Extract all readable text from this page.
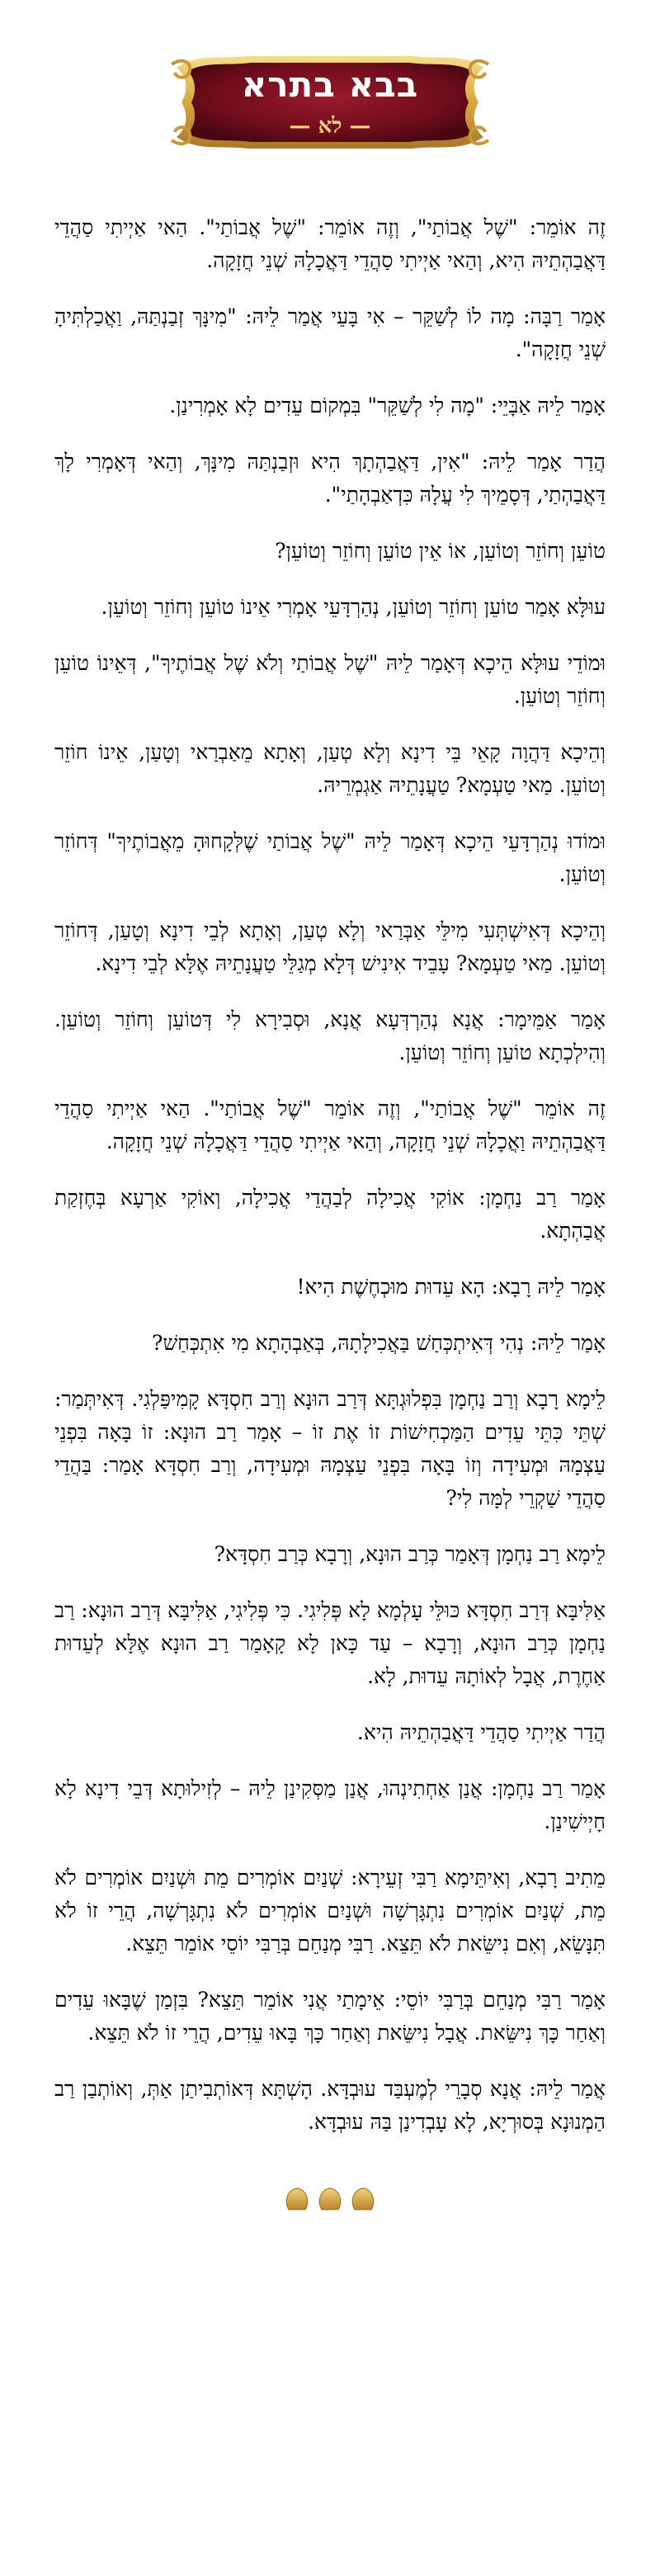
בבא בתרא
— לא —

זֶה אוֹמֵר: "שֶׁל אֲבוֹתַי", וְזֶה אוֹמֵר: "שֶׁל אֲבוֹתַי". הַאי אַיְיתִי סַהֲדֵי דַּאֲבַהְתֵיהּ הִיא, וְהַאי אַיְיתִי סַהֲדֵי דַּאֲכָלָהּ שְׁנֵי חֲזָקָה.

אָמַר רַבָּה: מָה לוֹ לְשַׁקֵּר – אִי בָּעֵי אֲמַר לֵיהּ: "מִינָּךְ זְבַנְתַּהּ, וַאֲכַלְתִּיהָ שְׁנֵי חֲזָקָה".

אָמַר לֵיהּ אַבָּיֵי: "מָה לִי לְשַׁקֵּר" בִּמְקוֹם עֵדִים לָא אָמְרִינַן.

הֲדַר אָמַר לֵיהּ: "אִין, דַּאֲבַהְתָךְ הִיא וּזְבַנְתַּהּ מִינָּךְ, וְהַאי דְּאָמְרִי לָךְ דַּאֲבַהְתַי, דְּסָמֵיךְ לִי עֲלָהּ כִּדְאַבְהָתַי".

טוֹעֵן וְחוֹזֵר וְטוֹעֵן, אוֹ אֵין טוֹעֵן וְחוֹזֵר וְטוֹעֵן?

עוּלָּא אָמַר טוֹעֵן וְחוֹזֵר וְטוֹעֵן, נְהַרְדָּעֵי אָמְרִי אֵינוֹ טוֹעֵן וְחוֹזֵר וְטוֹעֵן.

וּמוֹדֵי עוּלָּא הֵיכָא דְּאָמַר לֵיהּ "שֶׁל אֲבוֹתַי וְלֹא שֶׁל אֲבוֹתֶיךָ", דְּאֵינוֹ טוֹעֵן וְחוֹזֵר וְטוֹעֵן.

וְהֵיכָא דַּהֲוָה קָאֵי בֵּי דִינָא וְלָא טְעַן, וְאָתָא מֵאַבְרַאי וְטָעַן, אֵינוֹ חוֹזֵר וְטוֹעֵן. מַאי טַעְמָא? טַעֲנָתֵיהּ אַגְמְרֵיהּ.

וּמוֹדוּ נְהַרְדָּעֵי הֵיכָא דְּאָמַר לֵיהּ "שֶׁל אֲבוֹתַי שֶׁלְּקָחוּהָ מֵאֲבוֹתֶיךָ" דְּחוֹזֵר וְטוֹעֵן.

וְהֵיכָא דְּאִישְׁתְּעִי מִילֵּי אַבְּרַאי וְלָא טְעַן, וְאָתָא לְבֵי דִינָא וְטָעַן, דְּחוֹזֵר וְטוֹעֵן. מַאי טַעְמָא? עָבֵיד אִינִישׁ דְּלָא מְגַלֵּי טַעֲנָתֵיהּ אֶלָּא לְבֵי דִינָא.

אָמַר אַמֵּימָר: אֲנָא נְהַרְדְּעָא אֲנָא, וּסְבִירָא לִי דְּטוֹעֵן וְחוֹזֵר וְטוֹעֵן. וְהִילְכְתָא טוֹעֵן וְחוֹזֵר וְטוֹעֵן.

זֶה אוֹמֵר "שֶׁל אֲבוֹתַי", וְזֶה אוֹמֵר "שֶׁל אֲבוֹתַי". הַאי אַיְיתִי סַהֲדֵי דַּאֲבַהְתֵיהּ וַאֲכָלָהּ שְׁנֵי חֲזָקָה, וְהַאי אַיְיתִי סַהֲדֵי דַּאֲכָלָהּ שְׁנֵי חֲזָקָה.

אָמַר רַב נַחְמָן: אוֹקִי אֲכִילָה לְבַהֲדֵי אֲכִילָה, וְאוֹקִי אַרְעָא בְּחֶזְקַת אֲבַהְתָא.

אָמַר לֵיהּ רָבָא: הָא עֵדוּת מוּכְחֶשֶׁת הִיא!

אָמַר לֵיהּ: נְהִי דְּאִיתְכְּחַשׁ בַּאֲכִילָתָהּ, בְּאַבְהָתָא מִי אִתְכְּחַשׁ?

לֵימָא רָבָא וְרַב נַחְמָן בִּפְלוּגְתָּא דְּרַב הוּנָא וְרַב חִסְדָּא קָמִיפַּלְגִי. דְּאִיתְּמַר: שְׁתֵּי כִּתֵּי עֵדִים הַמַּכְחִישׁוֹת זוֹ אֶת זוֹ – אָמַר רַב הוּנָא: זוֹ בָּאָה בִּפְנֵי עַצְמָהּ וּמְעִידָה וְזוֹ בָּאָה בִּפְנֵי עַצְמָהּ וּמְעִידָה, וְרַב חִסְדָּא אָמַר: בַּהֲדֵי סַהֲדֵי שַׁקְרֵי לְמָּה לִי?

לֵימָא רַב נַחְמָן דְּאָמַר כְּרַב הוּנָא, וְרָבָא כְּרַב חִסְדָּא?

אַלִּיבָּא דְּרַב חִסְדָּא כּוּלֵּי עָלְמָא לָא פְּלִיגִי. כִּי פְּלִיגִי, אַלִּיבָּא דְּרַב הוּנָא: רַב נַחְמָן כְּרַב הוּנָא, וְרָבָא – עַד כָּאן לָא קָאָמַר רַב הוּנָא אֶלָּא לְעֵדוּת אַחֶרֶת, אֲבָל לְאוֹתָהּ עֵדוּת, לָא.

הֲדַר אַיְיתִי סַהֲדֵי דַּאֲבַהְתֵיהּ הִיא.

אָמַר רַב נַחְמָן: אֲנַן אַחְתִינְהוּ, אֲנַן מַסְּקִינַן לֵיהּ – לְזִילוּתָא דְּבֵי דִינָא לָא חָיְישִׁינַן.

מֵתִיב רָבָא, וְאִיתֵּימָא רַבִּי זְעֵירָא: שְׁנַיִם אוֹמְרִים מֵת וּשְׁנַיִם אוֹמְרִים לֹא מֵת, שְׁנַיִם אוֹמְרִים נִתְגָּרְשָׁה וּשְׁנַיִם אוֹמְרִים לֹא נִתְגָּרְשָׁה, הֲרֵי זוֹ לֹא תִּנָּשֵׂא, וְאִם נִישֵּׂאת לֹא תֵּצֵא. רַבִּי מְנַחֵם בְּרַבִּי יוֹסֵי אוֹמֵר תֵּצֵא.

אָמַר רַבִּי מְנַחֵם בְּרַבִּי יוֹסֵי: אֵימָתַי אֲנִי אוֹמֵר תֵּצֵא? בִּזְמַן שֶׁבָּאוּ עֵדִים וְאַחַר כָּךְ נִישֵּׂאת. אֲבָל נִישֵּׂאת וְאַחַר כָּךְ בָּאוּ עֵדִים, הֲרֵי זוֹ לֹא תֵּצֵא.

אֲמַר לֵיהּ: אֲנָא סְבָרֵי לְמֶעְבַּד עוּבְדָּא. הָשְׁתָּא דְּאוֹתְבִיתַן אַתְּ, וְאוֹתְבַן רַב הַמְנוּנָא בְּסוּרְיָא, לָא עָבְדִינַן בַּהּ עוּבְדָּא.
